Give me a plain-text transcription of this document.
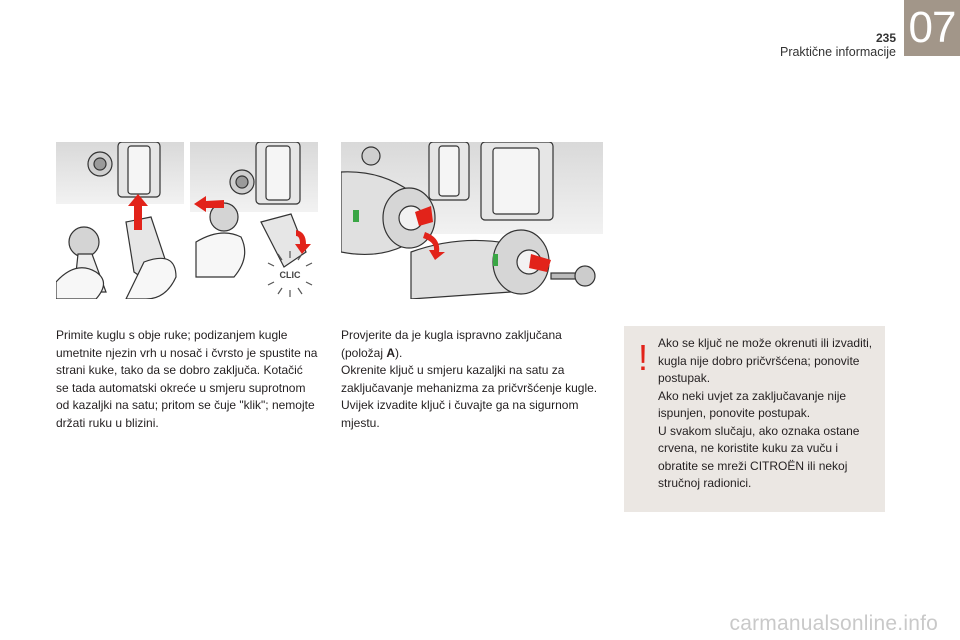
07
235
Praktične informacije
CLIC

Primite kuglu s obje ruke; podizanjem kugle umetnite njezin vrh u nosač i čvrsto je spustite na strani kuke, tako da se dobro zaključa. Kotačić se tada automatski okreće u smjeru suprotnom od kazaljki na satu; pritom se čuje "klik"; nemojte držati ruku u blizini.

Provjerite da je kugla ispravno zaključana (položaj A).

Okrenite ključ u smjeru kazaljki na satu za zaključavanje mehanizma za pričvršćenje kugle.

Uvijek izvadite ključ i čuvajte ga na sigurnom mjestu.

! Ako se ključ ne može okrenuti ili izvaditi, kugla nije dobro pričvršćena; ponovite postupak.

Ako neki uvjet za zaključavanje nije ispunjen, ponovite postupak.

U svakom slučaju, ako oznaka ostane crvena, ne koristite kuku za vuču i obratite se mreži CITROËN ili nekoj stručnoj radionici.

carmanualsonline.info
